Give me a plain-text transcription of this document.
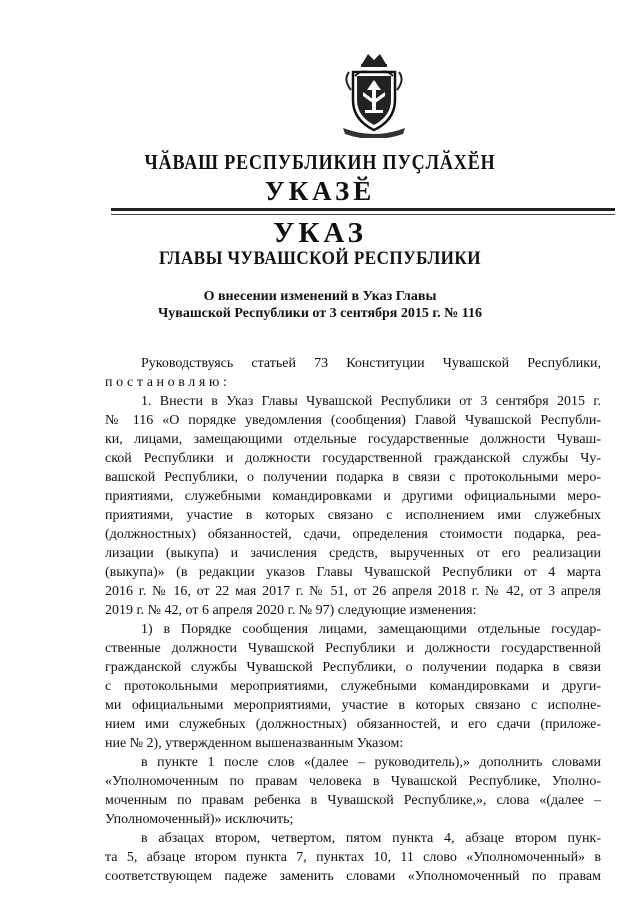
ЧӐВАШ РЕСПУБЛИКИН ПУҪЛӐХӖН
УКАЗӖ
УКАЗ
ГЛАВЫ ЧУВАШСКОЙ РЕСПУБЛИКИ
О внесении изменений в Указ Главы
Чувашской Республики от 3 сентября 2015 г. № 116
Руководствуясь статьей 73 Конституции Чувашской Республики,
постановляю:
1. Внести в Указ Главы Чувашской Республики от 3 сентября 2015 г.
№ 116 «О порядке уведомления (сообщения) Главой Чувашской Республи-
ки, лицами, замещающими отдельные государственные должности Чуваш-
ской Республики и должности государственной гражданской службы Чу-
вашской Республики, о получении подарка в связи с протокольными меро-
приятиями, служебными командировками и другими официальными меро-
приятиями, участие в которых связано с исполнением ими служебных
(должностных) обязанностей, сдачи, определения стоимости подарка, реа-
лизации (выкупа) и зачисления средств, вырученных от его реализации
(выкупа)» (в редакции указов Главы Чувашской Республики от 4 марта
2016 г. № 16, от 22 мая 2017 г. № 51, от 26 апреля 2018 г. № 42, от 3 апреля
2019 г. № 42, от 6 апреля 2020 г. № 97) следующие изменения:
1) в Порядке сообщения лицами, замещающими отдельные государ-
ственные должности Чувашской Республики и должности государственной
гражданской службы Чувашской Республики, о получении подарка в связи
с протокольными мероприятиями, служебными командировками и други-
ми официальными мероприятиями, участие в которых связано с исполне-
нием ими служебных (должностных) обязанностей, и его сдачи (приложе-
ние № 2), утвержденном вышеназванным Указом:
в пункте 1 после слов «(далее – руководитель),» дополнить словами
«Уполномоченным по правам человека в Чувашской Республике, Уполно-
моченным по правам ребенка в Чувашской Республике,», слова «(далее –
Уполномоченный)» исключить;
в абзацах втором, четвертом, пятом пункта 4, абзаце втором пунк-
та 5, абзаце втором пункта 7, пунктах 10, 11 слово «Уполномоченный» в
соответствующем падеже заменить словами «Уполномоченный по правам
